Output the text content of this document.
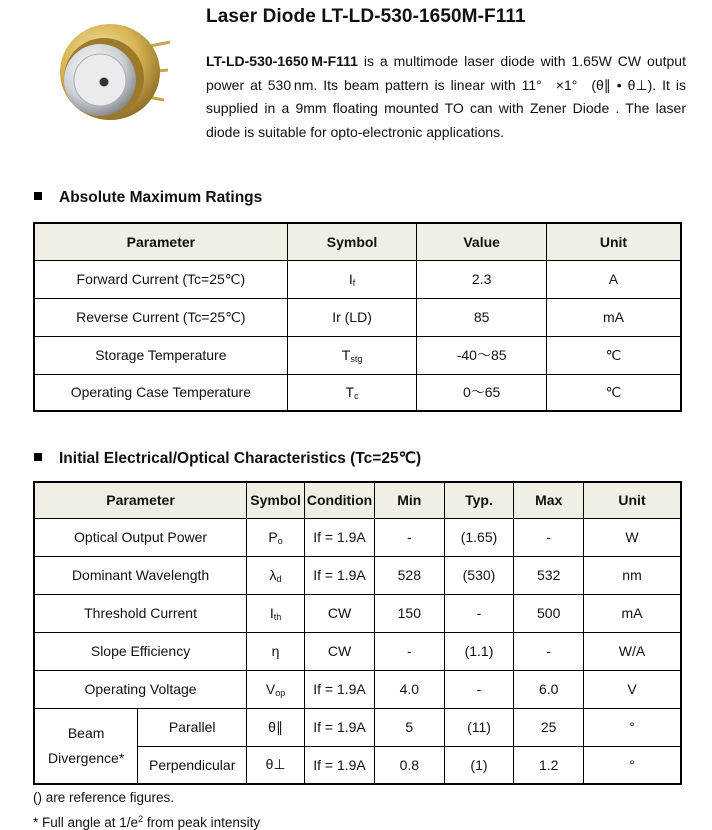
Laser Diode LT-LD-530-1650M-F111
LT-LD-530-1650 M-F111 is a multimode laser diode with 1.65W CW output power at 530 nm. Its beam pattern is linear with 11° ×1° (θ∥ • θ⊥). It is supplied in a 9mm floating mounted TO can with Zener Diode . The laser diode is suitable for opto-electronic applications.
Absolute Maximum Ratings
Parameter	Symbol	Value	Unit
Forward Current (Tc=25℃)	$I_f$	2.3	A
Reverse Current (Tc=25℃)	Ir (LD)	85	mA
Storage Temperature	$T_{stg}$	-40～85	℃
Operating Case Temperature	$T_c$	0～65	℃
Initial Electrical/Optical Characteristics (Tc=25℃)
Parameter		Symbol	Condition	Min	Typ.	Max	Unit
Optical Output Power		$P_o$	If = 1.9A	-	(1.65)	-	W
Dominant Wavelength		$\lambda_d$	If = 1.9A	528	(530)	532	nm
Threshold Current		$I_{th}$	CW	150	-	500	mA
Slope Efficiency		η	CW	-	(1.1)	-	W/A
Operating Voltage		$V_{op}$	If = 1.9A	4.0	-	6.0	V
Beam
Divergence*	Parallel	θ∥	If = 1.9A	5	(11)	25	°
	Perpendicular	θ⊥	If = 1.9A	0.8	(1)	1.2	°
() are reference figures.
* Full angle at $1/e^2$ from peak intensity
